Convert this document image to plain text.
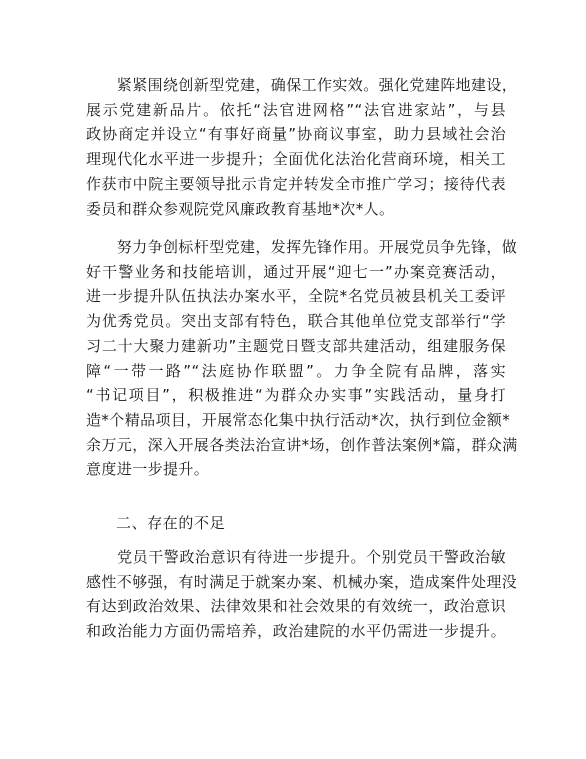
　　紧紧围绕创新型党建，确保工作实效。强化党建阵地建设，
展示党建新品片。依托“法官进网格”“法官进家站”，与县
政协商定并设立“有事好商量”协商议事室，助力县域社会治
理现代化水平进一步提升；全面优化法治化营商环境，相关工
作获市中院主要领导批示肯定并转发全市推广学习；接待代表
委员和群众参观院党风廉政教育基地*次*人。
　　努力争创标杆型党建，发挥先锋作用。开展党员争先锋，做
好干警业务和技能培训，通过开展“迎七一”办案竞赛活动，
进一步提升队伍执法办案水平，全院*名党员被县机关工委评
为优秀党员。突出支部有特色，联合其他单位党支部举行“学
习二十大聚力建新功”主题党日暨支部共建活动，组建服务保
障“一带一路”“法庭协作联盟”。力争全院有品牌，落实
“书记项目”，积极推进“为群众办实事”实践活动，量身打
造*个精品项目，开展常态化集中执行活动*次，执行到位金额*
余万元，深入开展各类法治宣讲*场，创作普法案例*篇，群众满
意度进一步提升。
二、存在的不足
　　党员干警政治意识有待进一步提升。个别党员干警政治敏
感性不够强，有时满足于就案办案、机械办案，造成案件处理没
有达到政治效果、法律效果和社会效果的有效统一，政治意识
和政治能力方面仍需培养，政治建院的水平仍需进一步提升。
